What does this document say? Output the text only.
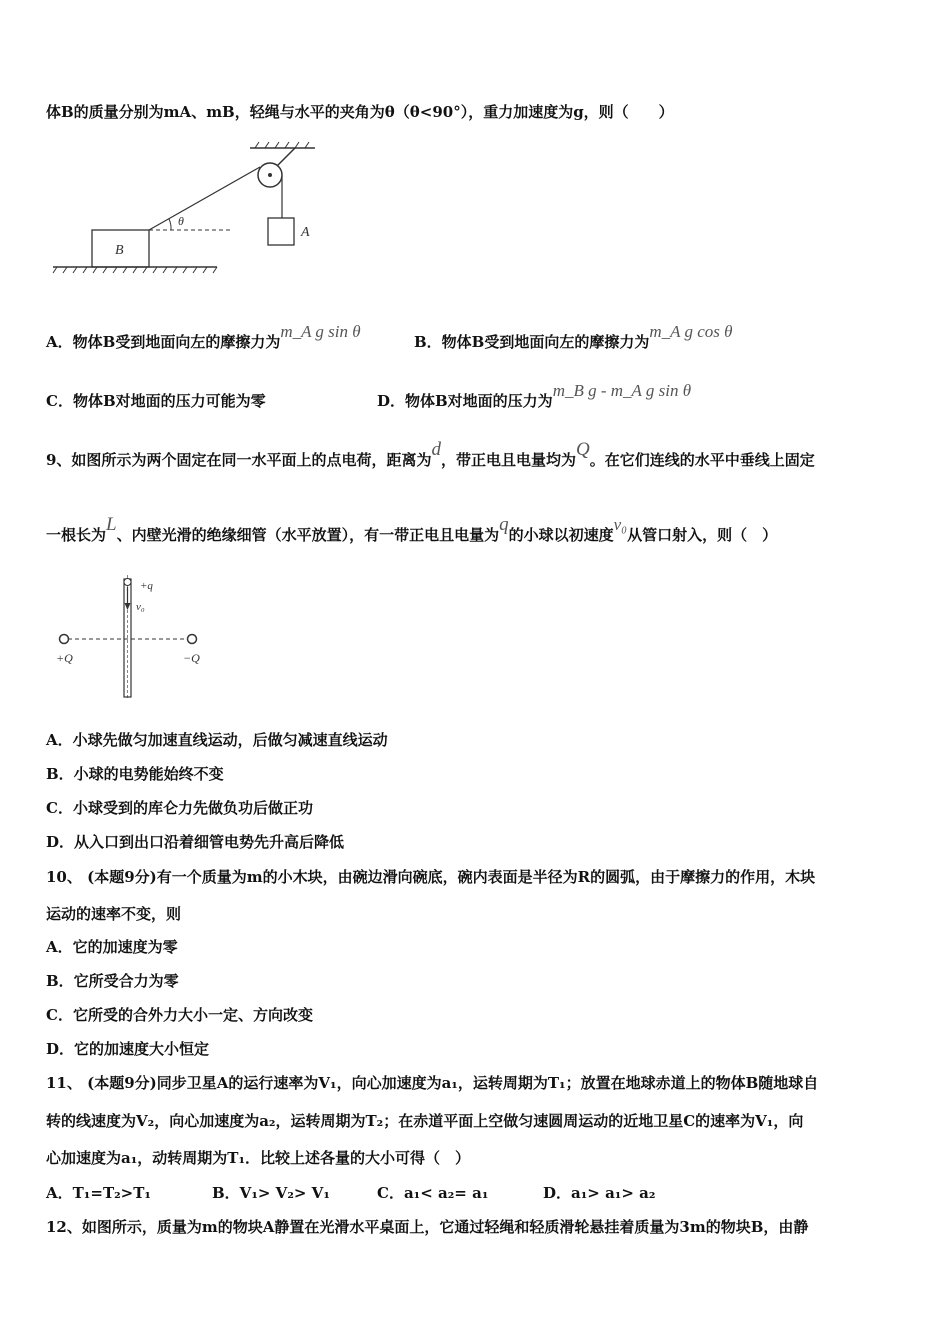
体B的质量分别为mA、mB，轻绳与水平的夹角为θ（θ<90°），重力加速度为g，则（　　）
A
B
θ
A．物体B受到地面向左的摩擦力为m_A g sin θ
B．物体B受到地面向左的摩擦力为m_A g cos θ
C．物体B对地面的压力可能为零	D．物体B对地面的压力为m_B g - m_A g sin θ
9、如图所示为两个固定在同一水平面上的点电荷，距离为d，带正电且电量均为Q。在它们连线的水平中垂线上固定
一根长为L、内壁光滑的绝缘细管（水平放置），有一带正电且电量为q的小球以初速度v₀从管口射入，则（　）
+q
v₀
+Q	−Q
A．小球先做匀加速直线运动，后做匀减速直线运动
B．小球的电势能始终不变
C．小球受到的库仑力先做负功后做正功
D．从入口到出口沿着细管电势先升高后降低
10、 (本题9分)有一个质量为m的小木块，由碗边滑向碗底，碗内表面是半径为R的圆弧，由于摩擦力的作用，木块
运动的速率不变，则
A．它的加速度为零
B．它所受合力为零
C．它所受的合外力大小一定、方向改变
D．它的加速度大小恒定
11、 (本题9分)同步卫星A的运行速率为V₁，向心加速度为a₁，运转周期为T₁；放置在地球赤道上的物体B随地球自
转的线速度为V₂，向心加速度为a₂，运转周期为T₂；在赤道平面上空做匀速圆周运动的近地卫星C的速率为V₁，向
心加速度为a₁，动转周期为T₁．比较上述各量的大小可得（　）
A．T₁=T₂>T₁	B．V₁> V₂> V₁	C．a₁< a₂= a₁	D．a₁> a₁> a₂
12、如图所示，质量为m的物块A静置在光滑水平桌面上，它通过轻绳和轻质滑轮悬挂着质量为3m的物块B，由静
